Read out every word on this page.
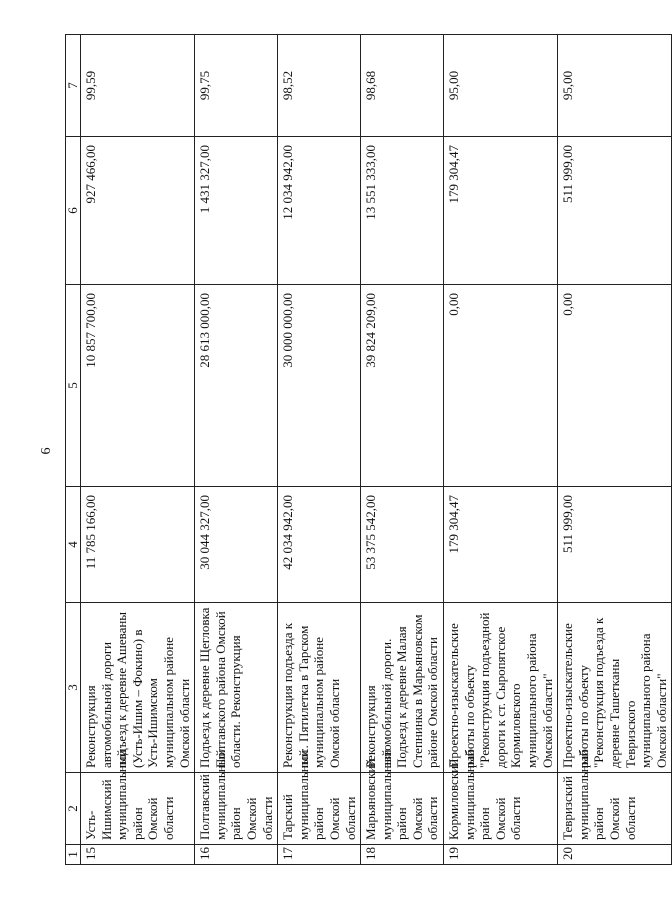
6
1	2	3	4	5	6	7
15	Усть-Ишимский муниципальный район Омской области	Реконструкция автомобильной дороги подъезд к деревне Ашеваны (Усть-Ишим – Фокино) в Усть-Ишимском муниципальном районе Омской области	11 785 166,00	10 857 700,00	927 466,00	99,59
16	Полтавский муниципальный район Омской области	Подъезд к деревне Щегловка Полтавского района Омской области. Реконструкция	30 044 327,00	28 613 000,00	1 431 327,00	99,75
17	Тарский муниципальный район Омской области	Реконструкция подъезда к пос. Пятилетка в Тарском муниципальном районе Омской области	42 034 942,00	30 000 000,00	12 034 942,00	98,52
18	Марьяновский муниципальный район Омской области	Реконструкция автомобильной дороги. Подъезд к деревне Малая Степнинка в Марьяновском районе Омской области	53 375 542,00	39 824 209,00	13 551 333,00	98,68
19	Кормиловский муниципальный район Омской области	Проектно-изыскательские работы по объекту "Реконструкция подъездной дороги к ст. Сыропятское Кормиловского муниципального района Омской области"	179 304,47	0,00	179 304,47	95,00
20	Тевризский муниципальный район Омской области	Проектно-изыскательские работы по объекту "Реконструкция подъезда к деревне Ташетканы Тевризского муниципального района Омской области"	511 999,00	0,00	511 999,00	95,00
